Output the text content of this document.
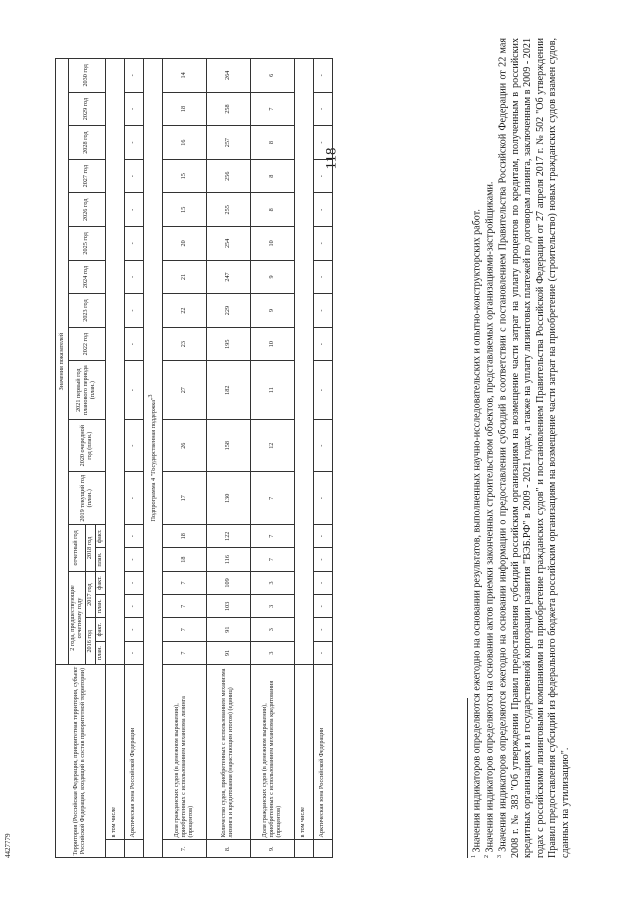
118
4427779	Территория (Российская Федерация, приоритетная территория, субъект Российской Федерации, входящий в состав приоритетной территории)		Значения показателей																	
		2 года, предшествующие отчетному году				отчетный год		2019 текущий год (план.)	2020 очередной год (план.)	2021 первый год планового периода (план.)	2022 год	2023 год	2024 год	2025 год	2026 год	2027 год	2028 год	2029 год	2030 год
		2016 год		2017 год		2018 год													
		план.	факт.	план.	факт.	план.	факт.												
	в том числе																		
	Арктическая зона Российской Федерации	-	-	-	-	-	-	-	-	-	-	-	-	-	-	-	-	-	-
Подпрограмма 4 "Государственная поддержка"$^3$
7.	Доля гражданских судов (в денежном выражении), приобретенных с использованием механизма лизинга (процентов)	7	7	7	7	18	18	17	26	27	23	22	21	20	15	15	16	18	14
8.	Количество судов, приобретенных с использованием механизма лизинга и кредитования (нарастающим итогом) (единиц)	91	91	103	109	116	122	130	158	182	195	229	247	254	255	256	257	258	264
9.	Доля гражданских судов (в денежном выражении), приобретенных с использованием механизма кредитования (процентов)	3	3	3	3	7	7	7	12	11	10	9	9	10	8	8	8	7	6
	в том числе																		
	Арктическая зона Российской Федерации	-	-	-	-	-	-	-	-	-	-	-	-	-	-	-	-	-	-

$^1$ Значения индикаторов определяются ежегодно на основании результатов, выполненных научно-исследовательских и опытно-конструкторских работ.

$^2$ Значения индикаторов определяются на основании актов приемки законченных строительством объектов, представляемых организациями-застройщиками.

$^3$ Значения индикаторов определяются ежегодно на основании информации о предоставлении субсидий в соответствии с постановлением Правительства Российской Федерации от 22 мая 2008 г. № 383 "Об утверждении Правил предоставления субсидий российским организациям на возмещение части затрат на уплату процентов по кредитам, полученным в российских кредитных организациях и в государственной корпорации развития "ВЭБ.РФ" в 2009 - 2021 годах, а также на уплату лизинговых платежей по договорам лизинга, заключенным в 2009 - 2021 годах с российскими лизинговыми компаниями на приобретение гражданских судов" и постановлением Правительства Российской Федерации от 27 апреля 2017 г. № 502 "Об утверждении Правил предоставления субсидий из федерального бюджета российским организациям на возмещение части затрат на приобретение (строительство) новых гражданских судов взамен судов, сданных на утилизацию".
